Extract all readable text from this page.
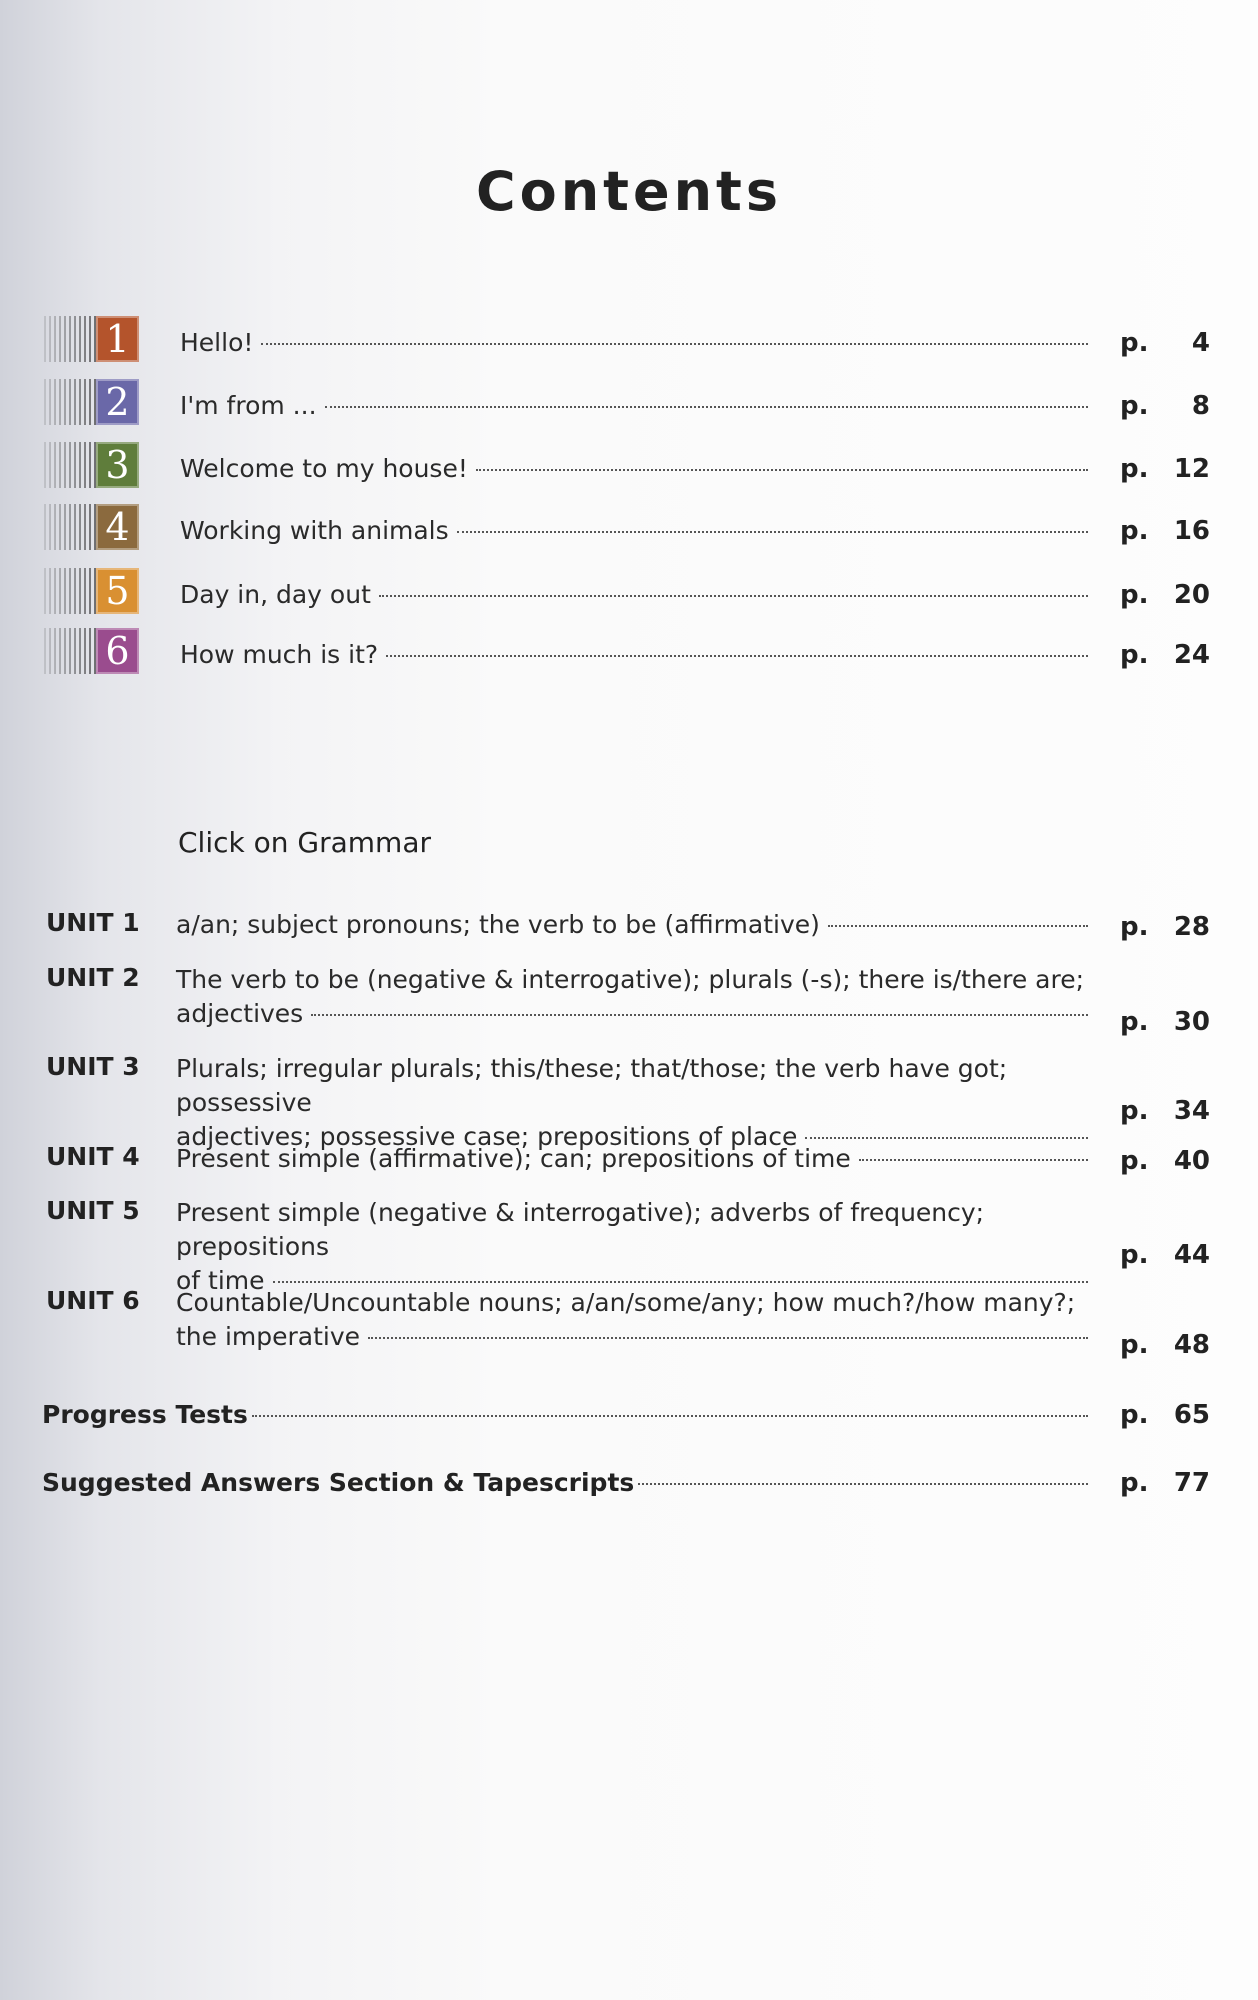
Contents
1	Hello!	p. 4
2	I'm from ...	p. 8
3	Welcome to my house!	p. 12
4	Working with animals	p. 16
5	Day in, day out	p. 20
6	How much is it?	p. 24
Click on Grammar
UNIT 1 a/an; subject pronouns; the verb to be (affirmative)	p. 28
UNIT 2 The verb to be (negative & interrogative); plurals (-s); there is/there are;
adjectives	p. 30
UNIT 3 Plurals; irregular plurals; this/these; that/those; the verb have got; possessive
adjectives; possessive case; prepositions of place
p. 34
UNIT 4 Present simple (affirmative); can; prepositions of time	p. 40
UNIT 5 Present simple (negative & interrogative); adverbs of frequency; prepositions
of time
p. 44
UNIT 6 Countable/Uncountable nouns; a/an/some/any; how much?/how many?;
the imperative	p. 48
Progress Tests	p. 65
Suggested Answers Section & Tapescripts	p. 77
